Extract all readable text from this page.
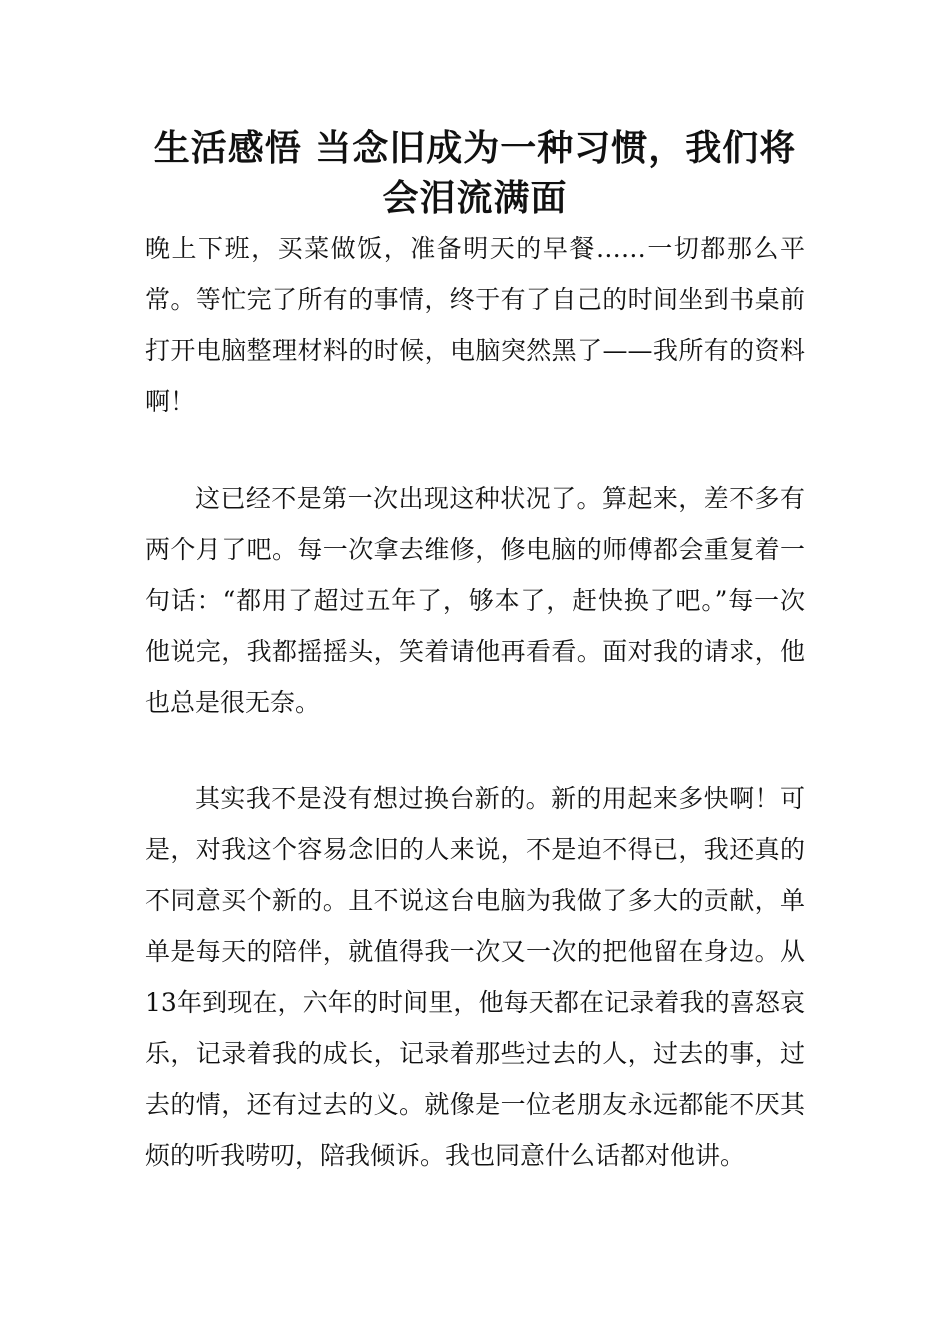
生活感悟 当念旧成为一种习惯，我们将会泪流满面

晚上下班，买菜做饭，准备明天的早餐……一切都那么平常。等忙完了所有的事情，终于有了自己的时间坐到书桌前打开电脑整理材料的时候，电脑突然黑了——我所有的资料啊！

这已经不是第一次出现这种状况了。算起来，差不多有两个月了吧。每一次拿去维修，修电脑的师傅都会重复着一句话：“都用了超过五年了，够本了，赶快换了吧。”每一次他说完，我都摇摇头，笑着请他再看看。面对我的请求，他也总是很无奈。

其实我不是没有想过换台新的。新的用起来多快啊！可是，对我这个容易念旧的人来说，不是迫不得已，我还真的不同意买个新的。且不说这台电脑为我做了多大的贡献，单单是每天的陪伴，就值得我一次又一次的把他留在身边。从13年到现在，六年的时间里，他每天都在记录着我的喜怒哀乐，记录着我的成长，记录着那些过去的人，过去的事，过去的情，还有过去的义。就像是一位老朋友永远都能不厌其烦的听我唠叨，陪我倾诉。我也同意什么话都对他讲。
